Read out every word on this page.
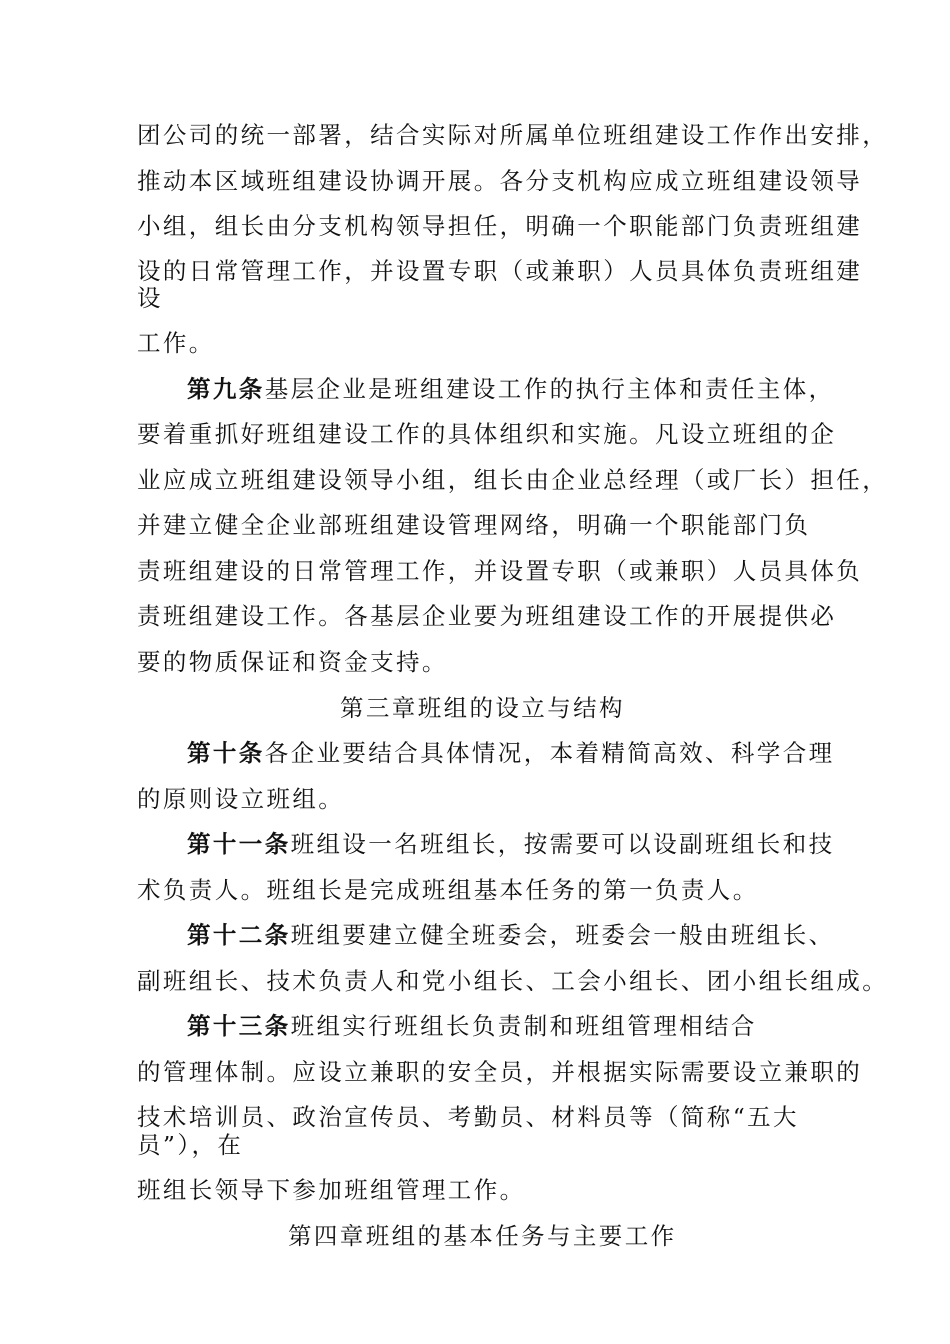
团公司的统一部署，结合实际对所属单位班组建设工作作出安排，
推动本区域班组建设协调开展。各分支机构应成立班组建设领导
小组，组长由分支机构领导担任，明确一个职能部门负责班组建
设的日常管理工作，并设置专职（或兼职）人员具体负责班组建
设
工作。
第九条基层企业是班组建设工作的执行主体和责任主体，
要着重抓好班组建设工作的具体组织和实施。凡设立班组的企
业应成立班组建设领导小组，组长由企业总经理（或厂长）担任，
并建立健全企业部班组建设管理网络，明确一个职能部门负
责班组建设的日常管理工作，并设置专职（或兼职）人员具体负
责班组建设工作。各基层企业要为班组建设工作的开展提供必
要的物质保证和资金支持。
第三章班组的设立与结构
第十条各企业要结合具体情况，本着精简高效、科学合理
的原则设立班组。
第十一条班组设一名班组长，按需要可以设副班组长和技
术负责人。班组长是完成班组基本任务的第一负责人。
第十二条班组要建立健全班委会，班委会一般由班组长、
副班组长、技术负责人和党小组长、工会小组长、团小组长组成。
第十三条班组实行班组长负责制和班组管理相结合
的管理体制。应设立兼职的安全员，并根据实际需要设立兼职的
技术培训员、政治宣传员、考勤员、材料员等（简称“五大
员”），在
班组长领导下参加班组管理工作。
第四章班组的基本任务与主要工作
